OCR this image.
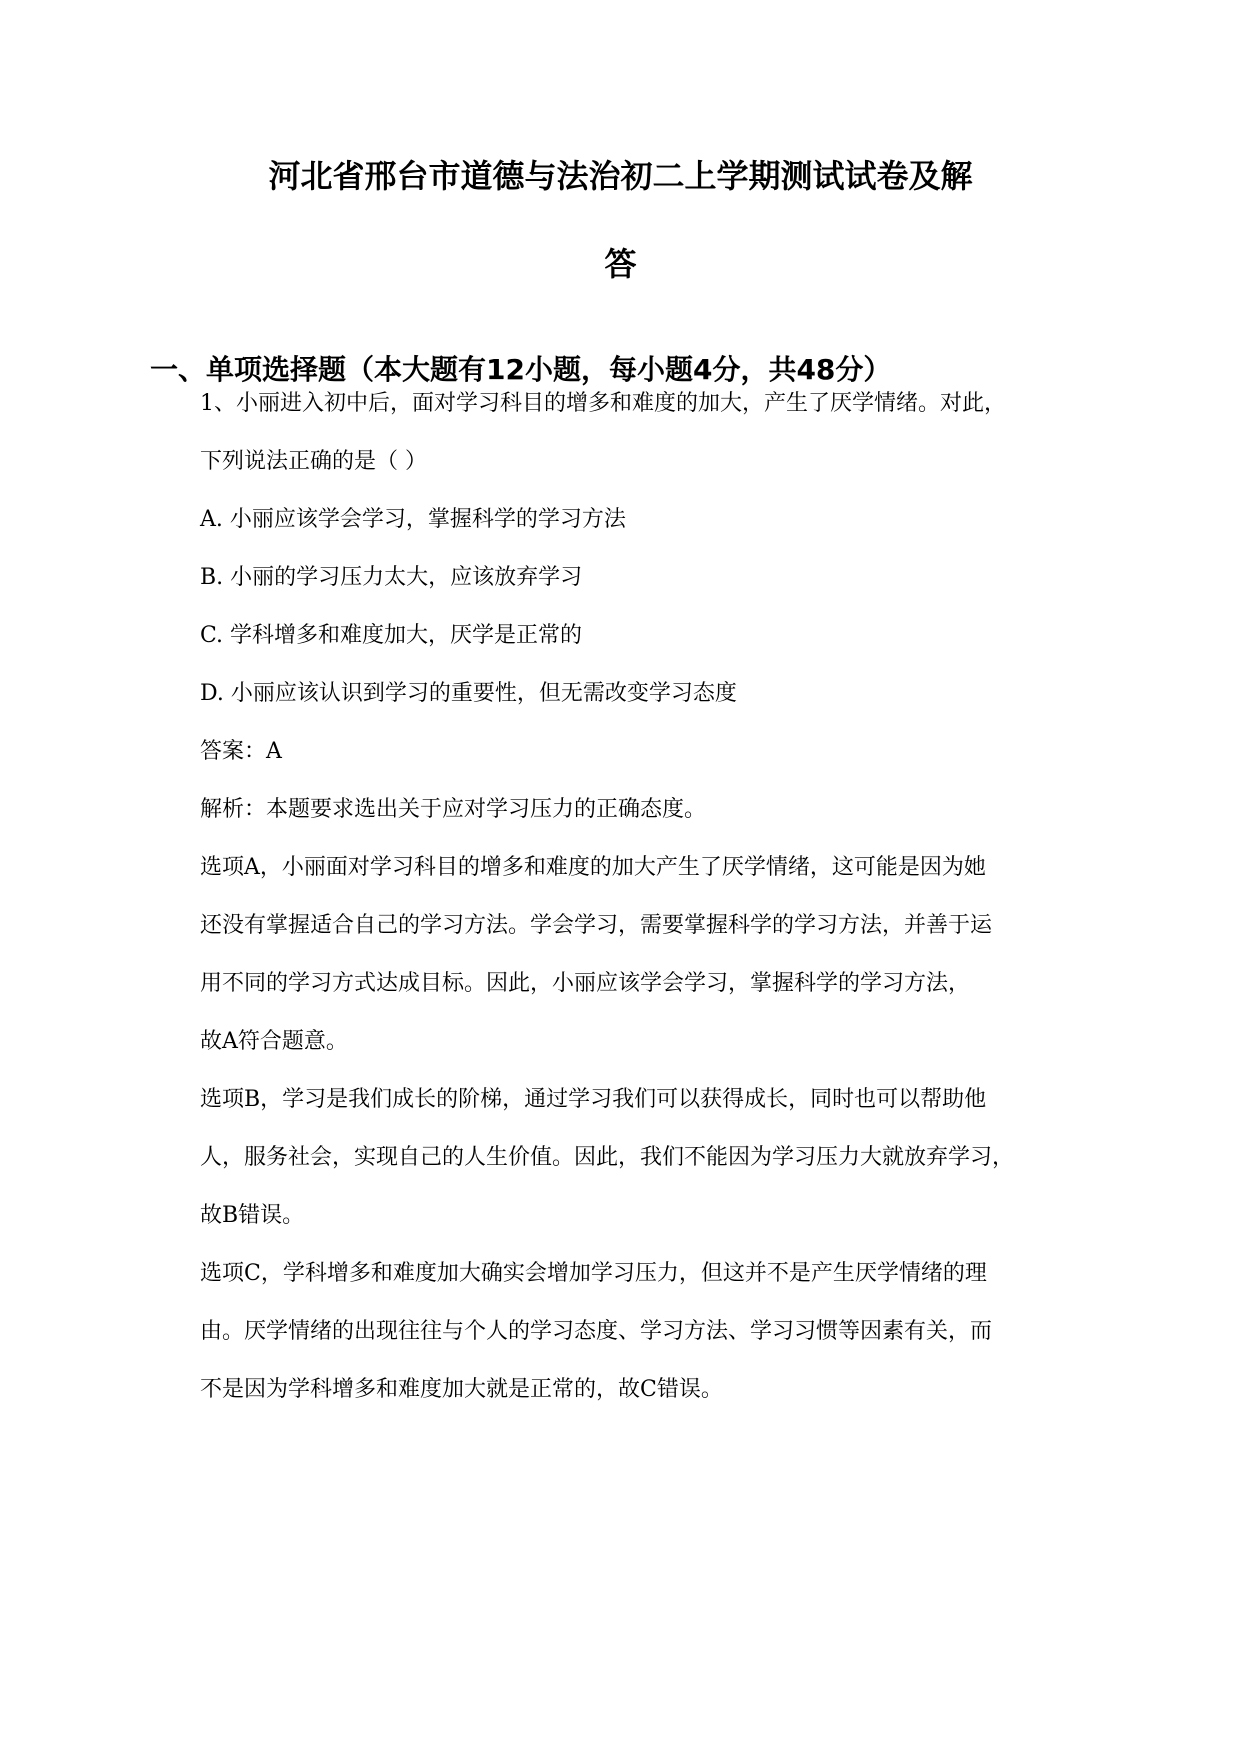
河北省邢台市道德与法治初二上学期测试试卷及解
答
一、单项选择题（本大题有12小题，每小题4分，共48分）
1、小丽进入初中后，面对学习科目的增多和难度的加大，产生了厌学情绪。对此，
下列说法正确的是（ ）
A. 小丽应该学会学习，掌握科学的学习方法
B. 小丽的学习压力太大，应该放弃学习
C. 学科增多和难度加大，厌学是正常的
D. 小丽应该认识到学习的重要性，但无需改变学习态度
答案：A
解析：本题要求选出关于应对学习压力的正确态度。
选项A，小丽面对学习科目的增多和难度的加大产生了厌学情绪，这可能是因为她
还没有掌握适合自己的学习方法。学会学习，需要掌握科学的学习方法，并善于运
用不同的学习方式达成目标。因此，小丽应该学会学习，掌握科学的学习方法，
故A符合题意。
选项B，学习是我们成长的阶梯，通过学习我们可以获得成长，同时也可以帮助他
人，服务社会，实现自己的人生价值。因此，我们不能因为学习压力大就放弃学习，
故B错误。
选项C，学科增多和难度加大确实会增加学习压力，但这并不是产生厌学情绪的理
由。厌学情绪的出现往往与个人的学习态度、学习方法、学习习惯等因素有关，而
不是因为学科增多和难度加大就是正常的，故C错误。
